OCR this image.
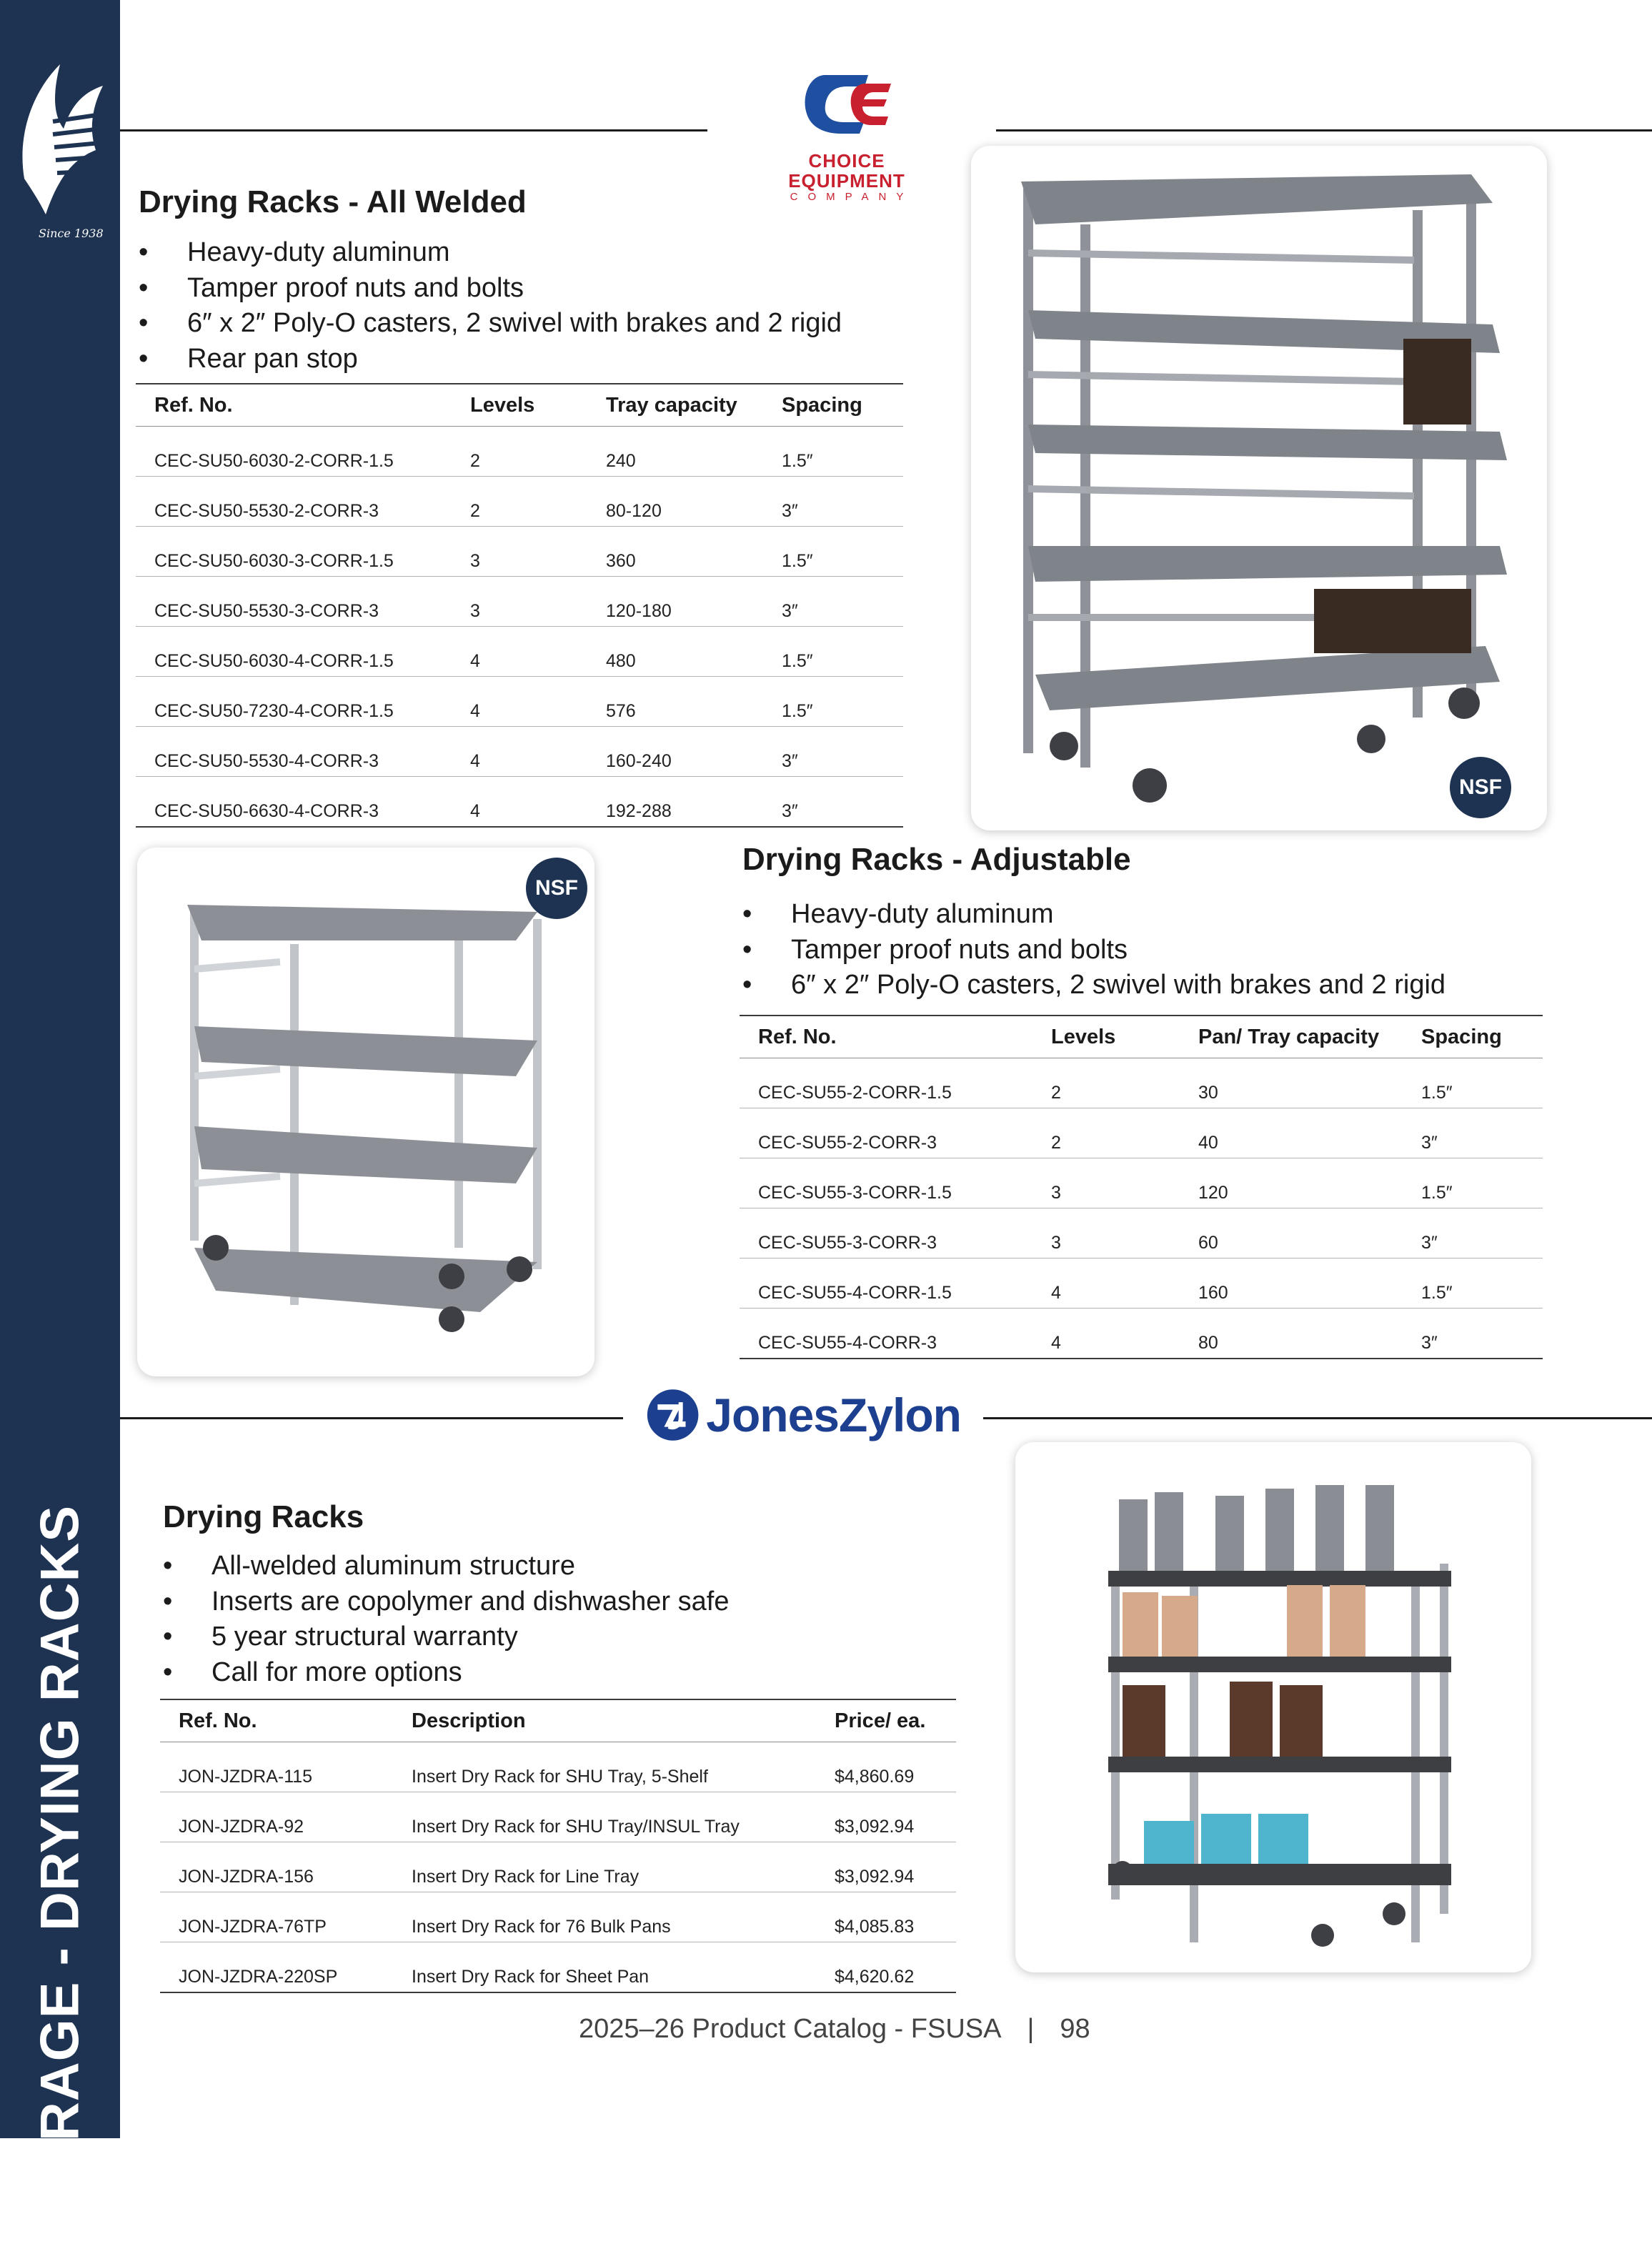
Since 1938
STORAGE - DRYING RACKS
CHOICE EQUIPMENT
COMPANY
Drying Racks - All Welded
• Heavy-duty aluminum
• Tamper proof nuts and bolts
• 6″ x 2″ Poly-O casters, 2 swivel with brakes and 2 rigid
• Rear pan stop
Ref. No.	Levels	Tray capacity	Spacing
CEC-SU50-6030-2-CORR-1.5	2	240	1.5″
CEC-SU50-5530-2-CORR-3	2	80-120	3″
CEC-SU50-6030-3-CORR-1.5	3	360	1.5″
CEC-SU50-5530-3-CORR-3	3	120-180	3″
CEC-SU50-6030-4-CORR-1.5	4	480	1.5″
CEC-SU50-7230-4-CORR-1.5	4	576	1.5″
CEC-SU50-5530-4-CORR-3	4	160-240	3″
CEC-SU50-6630-4-CORR-3	4	192-288	3″
NSF
NSF
Drying Racks - Adjustable
• Heavy-duty aluminum
• Tamper proof nuts and bolts
• 6″ x 2″ Poly-O casters, 2 swivel with brakes and 2 rigid
Ref. No.	Levels	Pan/ Tray capacity	Spacing
CEC-SU55-2-CORR-1.5	2	30	1.5″
CEC-SU55-2-CORR-3	2	40	3″
CEC-SU55-3-CORR-1.5	3	120	1.5″
CEC-SU55-3-CORR-3	3	60	3″
CEC-SU55-4-CORR-1.5	4	160	1.5″
CEC-SU55-4-CORR-3	4	80	3″
JonesZylon
Drying Racks
• All-welded aluminum structure
• Inserts are copolymer and dishwasher safe
• 5 year structural warranty
• Call for more options
Ref. No.	Description	Price/ ea.
JON-JZDRA-115	Insert Dry Rack for SHU Tray, 5-Shelf	$4,860.69
JON-JZDRA-92	Insert Dry Rack for SHU Tray/INSUL Tray	$3,092.94
JON-JZDRA-156	Insert Dry Rack for Line Tray	$3,092.94
JON-JZDRA-76TP	Insert Dry Rack for 76 Bulk Pans	$4,085.83
JON-JZDRA-220SP	Insert Dry Rack for Sheet Pan	$4,620.62
2025–26 Product Catalog - FSUSA | 98
